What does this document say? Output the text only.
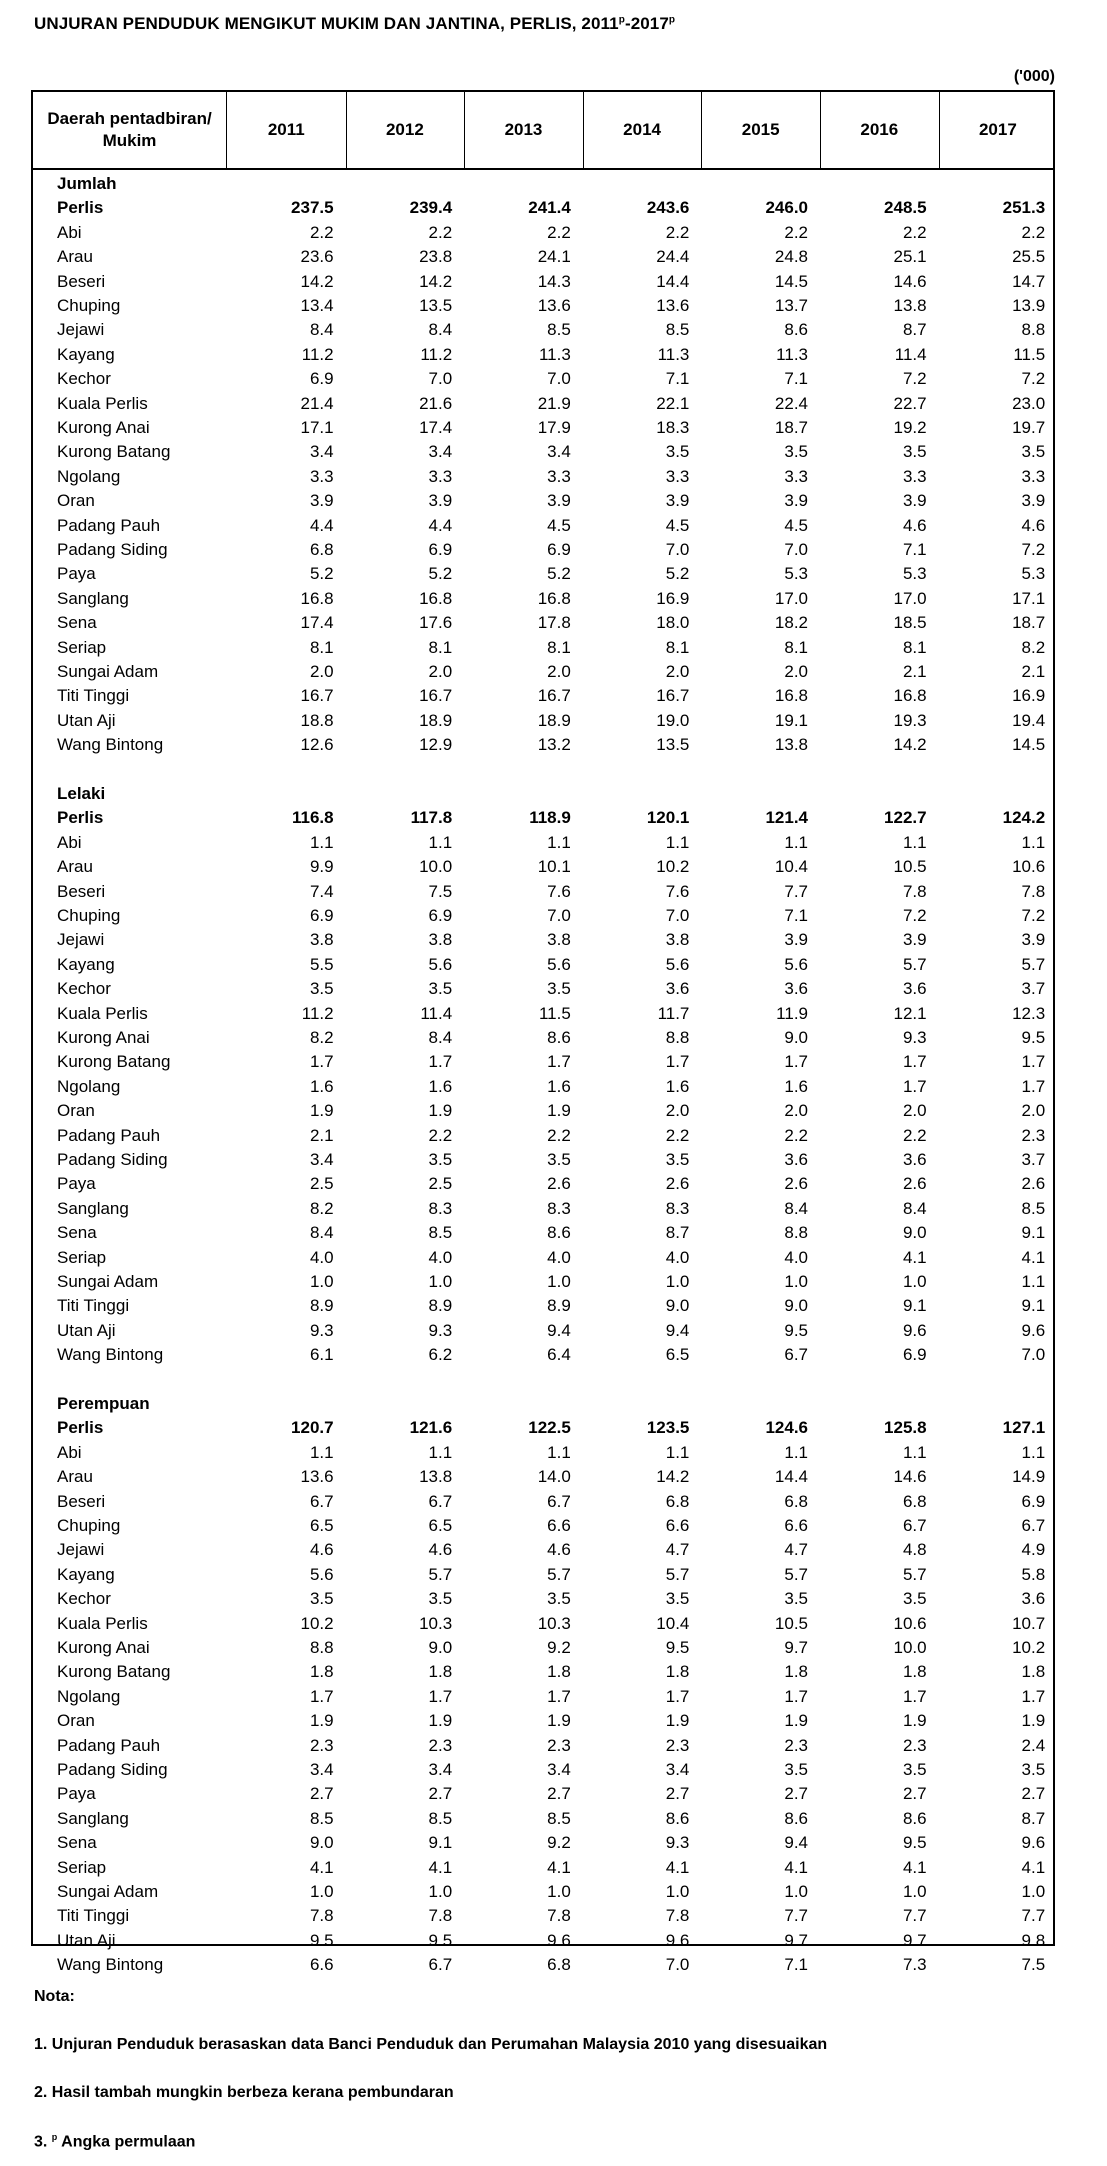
UNJURAN PENDUDUK MENGIKUT MUKIM DAN JANTINA, PERLIS, 2011$^p$-2017$^p$
('000)
Daerah pentadbiran/
Mukim
2011	2012	2013	2014	2015	2016	2017
Jumlah
Perlis	237.5	239.4	241.4	243.6	246.0	248.5	251.3
Abi	2.2	2.2	2.2	2.2	2.2	2.2	2.2
Arau	23.6	23.8	24.1	24.4	24.8	25.1	25.5
Beseri	14.2	14.2	14.3	14.4	14.5	14.6	14.7
Chuping	13.4	13.5	13.6	13.6	13.7	13.8	13.9
Jejawi	8.4	8.4	8.5	8.5	8.6	8.7	8.8
Kayang	11.2	11.2	11.3	11.3	11.3	11.4	11.5
Kechor	6.9	7.0	7.0	7.1	7.1	7.2	7.2
Kuala Perlis	21.4	21.6	21.9	22.1	22.4	22.7	23.0
Kurong Anai	17.1	17.4	17.9	18.3	18.7	19.2	19.7
Kurong Batang	3.4	3.4	3.4	3.5	3.5	3.5	3.5
Ngolang	3.3	3.3	3.3	3.3	3.3	3.3	3.3
Oran	3.9	3.9	3.9	3.9	3.9	3.9	3.9
Padang Pauh	4.4	4.4	4.5	4.5	4.5	4.6	4.6
Padang Siding	6.8	6.9	6.9	7.0	7.0	7.1	7.2
Paya	5.2	5.2	5.2	5.2	5.3	5.3	5.3
Sanglang	16.8	16.8	16.8	16.9	17.0	17.0	17.1
Sena	17.4	17.6	17.8	18.0	18.2	18.5	18.7
Seriap	8.1	8.1	8.1	8.1	8.1	8.1	8.2
Sungai Adam	2.0	2.0	2.0	2.0	2.0	2.1	2.1
Titi Tinggi	16.7	16.7	16.7	16.7	16.8	16.8	16.9
Utan Aji	18.8	18.9	18.9	19.0	19.1	19.3	19.4
Wang Bintong	12.6	12.9	13.2	13.5	13.8	14.2	14.5
Lelaki
Perlis	116.8	117.8	118.9	120.1	121.4	122.7	124.2
Abi	1.1	1.1	1.1	1.1	1.1	1.1	1.1
Arau	9.9	10.0	10.1	10.2	10.4	10.5	10.6
Beseri	7.4	7.5	7.6	7.6	7.7	7.8	7.8
Chuping	6.9	6.9	7.0	7.0	7.1	7.2	7.2
Jejawi	3.8	3.8	3.8	3.8	3.9	3.9	3.9
Kayang	5.5	5.6	5.6	5.6	5.6	5.7	5.7
Kechor	3.5	3.5	3.5	3.6	3.6	3.6	3.7
Kuala Perlis	11.2	11.4	11.5	11.7	11.9	12.1	12.3
Kurong Anai	8.2	8.4	8.6	8.8	9.0	9.3	9.5
Kurong Batang	1.7	1.7	1.7	1.7	1.7	1.7	1.7
Ngolang	1.6	1.6	1.6	1.6	1.6	1.7	1.7
Oran	1.9	1.9	1.9	2.0	2.0	2.0	2.0
Padang Pauh	2.1	2.2	2.2	2.2	2.2	2.2	2.3
Padang Siding	3.4	3.5	3.5	3.5	3.6	3.6	3.7
Paya	2.5	2.5	2.6	2.6	2.6	2.6	2.6
Sanglang	8.2	8.3	8.3	8.3	8.4	8.4	8.5
Sena	8.4	8.5	8.6	8.7	8.8	9.0	9.1
Seriap	4.0	4.0	4.0	4.0	4.0	4.1	4.1
Sungai Adam	1.0	1.0	1.0	1.0	1.0	1.0	1.1
Titi Tinggi	8.9	8.9	8.9	9.0	9.0	9.1	9.1
Utan Aji	9.3	9.3	9.4	9.4	9.5	9.6	9.6
Wang Bintong	6.1	6.2	6.4	6.5	6.7	6.9	7.0
Perempuan
Perlis	120.7	121.6	122.5	123.5	124.6	125.8	127.1
Abi	1.1	1.1	1.1	1.1	1.1	1.1	1.1
Arau	13.6	13.8	14.0	14.2	14.4	14.6	14.9
Beseri	6.7	6.7	6.7	6.8	6.8	6.8	6.9
Chuping	6.5	6.5	6.6	6.6	6.6	6.7	6.7
Jejawi	4.6	4.6	4.6	4.7	4.7	4.8	4.9
Kayang	5.6	5.7	5.7	5.7	5.7	5.7	5.8
Kechor	3.5	3.5	3.5	3.5	3.5	3.5	3.6
Kuala Perlis	10.2	10.3	10.3	10.4	10.5	10.6	10.7
Kurong Anai	8.8	9.0	9.2	9.5	9.7	10.0	10.2
Kurong Batang	1.8	1.8	1.8	1.8	1.8	1.8	1.8
Ngolang	1.7	1.7	1.7	1.7	1.7	1.7	1.7
Oran	1.9	1.9	1.9	1.9	1.9	1.9	1.9
Padang Pauh	2.3	2.3	2.3	2.3	2.3	2.3	2.4
Padang Siding	3.4	3.4	3.4	3.4	3.5	3.5	3.5
Paya	2.7	2.7	2.7	2.7	2.7	2.7	2.7
Sanglang	8.5	8.5	8.5	8.6	8.6	8.6	8.7
Sena	9.0	9.1	9.2	9.3	9.4	9.5	9.6
Seriap	4.1	4.1	4.1	4.1	4.1	4.1	4.1
Sungai Adam	1.0	1.0	1.0	1.0	1.0	1.0	1.0
Titi Tinggi	7.8	7.8	7.8	7.8	7.7	7.7	7.7
Utan Aji	9.5	9.5	9.6	9.6	9.7	9.7	9.8
Wang Bintong	6.6	6.7	6.8	7.0	7.1	7.3	7.5
Nota:
1. Unjuran Penduduk berasaskan data Banci Penduduk dan Perumahan Malaysia 2010 yang disesuaikan
2. Hasil tambah mungkin berbeza kerana pembundaran
3. $^p$ Angka permulaan
